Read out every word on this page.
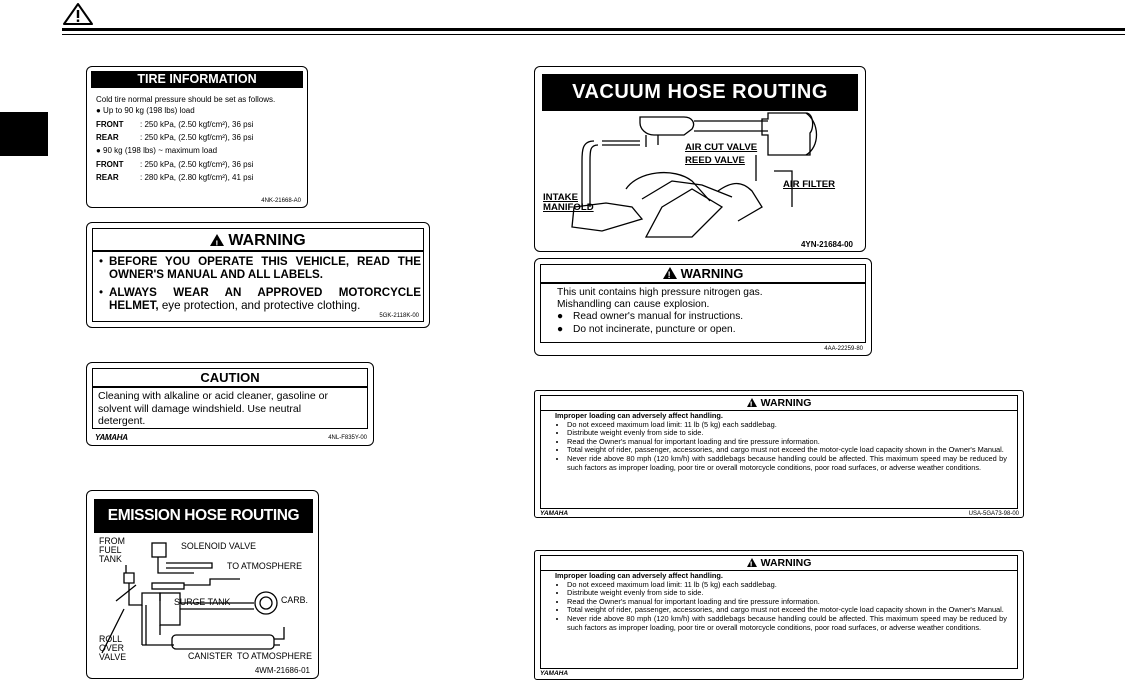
TIRE INFORMATION
Cold tire normal pressure should be set as follows.
● Up to 90 kg (198 lbs) load
FRONT	: 250 kPa, (2.50 kgf/cm²), 36 psi
REAR	: 250 kPa, (2.50 kgf/cm²), 36 psi
● 90 kg (198 lbs) ~ maximum load
FRONT	: 250 kPa, (2.50 kgf/cm²), 36 psi
REAR	: 280 kPa, (2.80 kgf/cm²), 41 psi
4NK-21668-A0
!WARNING
• BEFORE YOU OPERATE THIS VEHICLE, READ THE OWNER'S MANUAL AND ALL LABELS.
• ALWAYS WEAR AN APPROVED MOTORCYCLE HELMET, eye protection, and protective clothing.
5GK-2118K-00
CAUTION
Cleaning with alkaline or acid cleaner, gasoline or solvent will damage windshield. Use neutral detergent.
YAMAHA	4NL-F835Y-00
EMISSION HOSE ROUTING
FROM FUEL TANK
SOLENOID VALVE
TO ATMOSPHERE
SURGE TANK	CARB.
ROLL OVER VALVE	CANISTER TO ATMOSPHERE
4WM-21686-01
VACUUM HOSE ROUTING
AIR CUT VALVE
REED VALVE
AIR FILTER
INTAKE MANIFOLD
4YN-21684-00
!WARNING
This unit contains high pressure nitrogen gas.
Mishandling can cause explosion.
● Read owner's manual for instructions.
● Do not incinerate, puncture or open.
4AA-22259-80
!WARNING
Improper loading can adversely affect handling.
• Do not exceed maximum load limit: 11 lb (5 kg) each saddlebag.
• Distribute weight evenly from side to side.
• Read the Owner's manual for important loading and tire pressure information.
• Total weight of rider, passenger, accessories, and cargo must not exceed the motor-cycle load capacity shown in the Owner's Manual.
• Never ride above 80 mph (120 km/h) with saddlebags because handling could be affected. This maximum speed may be reduced by such factors as improper loading, poor tire or overall motorcycle conditions, poor road surfaces, or adverse weather conditions.
YAMAHA	USA-5GA73-98-00
!WARNING
Improper loading can adversely affect handling.
• Do not exceed maximum load limit: 11 lb (5 kg) each saddlebag.
• Distribute weight evenly from side to side.
• Read the Owner's manual for important loading and tire pressure information.
• Total weight of rider, passenger, accessories, and cargo must not exceed the motor-cycle load capacity shown in the Owner's Manual.
• Never ride above 80 mph (120 km/h) with saddlebags because handling could be affected. This maximum speed may be reduced by such factors as improper loading, poor tire or overall motorcycle conditions, poor road surfaces, or adverse weather conditions.
YAMAHA
